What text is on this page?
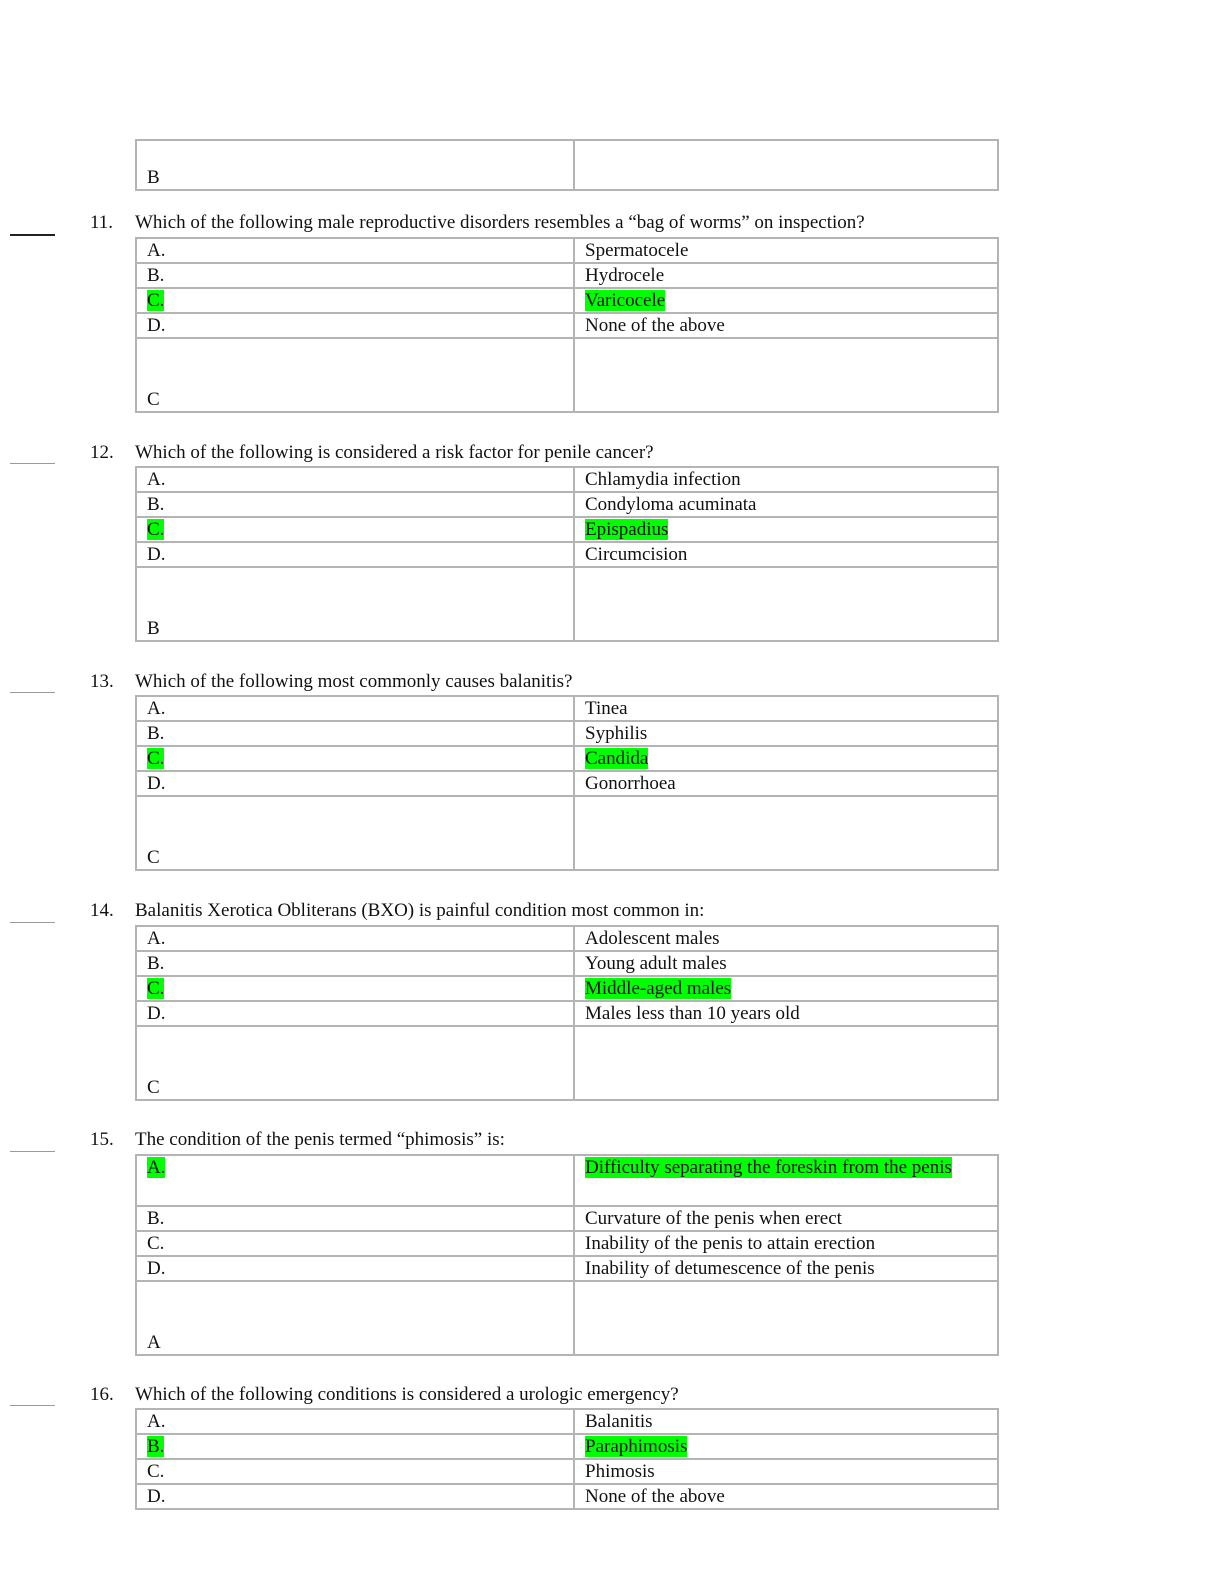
B	
11. Which of the following male reproductive disorders resembles a “bag of worms” on inspection?
A.	Spermatocele
B.	Hydrocele
C.	Varicocele
D.	None of the above
C	
12. Which of the following is considered a risk factor for penile cancer?
A.	Chlamydia infection
B.	Condyloma acuminata
C.	Epispadius
D.	Circumcision
B	
13. Which of the following most commonly causes balanitis?
A.	Tinea
B.	Syphilis
C.	Candida
D.	Gonorrhoea
C	
14. Balanitis Xerotica Obliterans (BXO) is painful condition most common in:
A.	Adolescent males
B.	Young adult males
C.	Middle-aged males
D.	Males less than 10 years old
C	
15. The condition of the penis termed “phimosis” is:
A.	Difficulty separating the foreskin from the penis
B.	Curvature of the penis when erect
C.	Inability of the penis to attain erection
D.	Inability of detumescence of the penis
A	
16. Which of the following conditions is considered a urologic emergency?
A.	Balanitis
B.	Paraphimosis
C.	Phimosis
D.	None of the above
